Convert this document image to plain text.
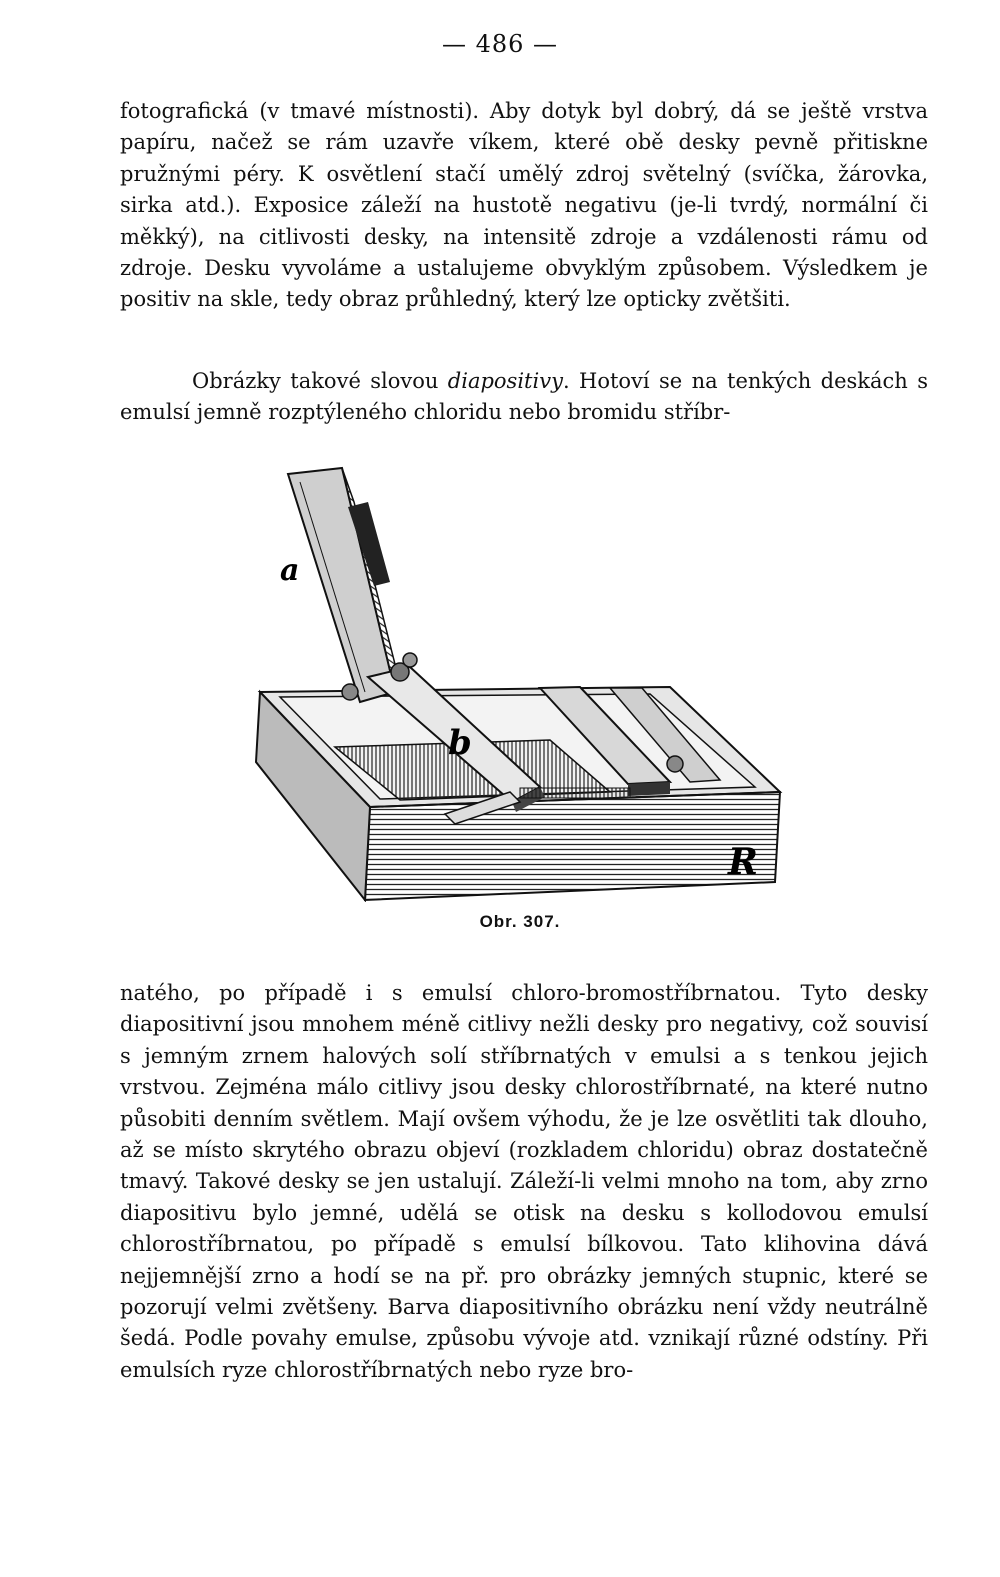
— 486 —

fotografická (v tmavé místnosti). Aby dotyk byl dobrý, dá se ještě vrstva papíru, načež se rám uzavře víkem, které obě desky pevně přitiskne pružnými péry. K osvětlení stačí umělý zdroj světelný (svíčka, žárovka, sirka atd.). Exposice záleží na hustotě negativu (je-li tvrdý, normální či měkký), na citlivosti desky, na intensitě zdroje a vzdálenosti rámu od zdroje. Desku vyvoláme a ustalujeme obvyklým způsobem. Výsledkem je positiv na skle, tedy obraz průhledný, který lze opticky zvětšiti.

Obrázky takové slovou diapositivy. Hotoví se na tenkých deskách s emulsí jemně rozptýleného chloridu nebo bromidu stříbr-

a
b
R
Obr. 307.

natého, po případě i s emulsí chloro-bromostříbrnatou. Tyto desky diapositivní jsou mnohem méně citlivy nežli desky pro negativy, což souvisí s jemným zrnem halových solí stříbrnatých v emulsi a s tenkou jejich vrstvou. Zejména málo citlivy jsou desky chlorostříbrnaté, na které nutno působiti denním světlem. Mají ovšem výhodu, že je lze osvětliti tak dlouho, až se místo skrytého obrazu objeví (rozkladem chloridu) obraz dostatečně tmavý. Takové desky se jen ustalují. Záleží-li velmi mnoho na tom, aby zrno diapositivu bylo jemné, udělá se otisk na desku s kollodovou emulsí chlorostříbrnatou, po případě s emulsí bílkovou. Tato klihovina dává nejjemnější zrno a hodí se na př. pro obrázky jemných stupnic, které se pozorují velmi zvětšeny. Barva diapositivního obrázku není vždy neutrálně šedá. Podle povahy emulse, způsobu vývoje atd. vznikají různé odstíny. Při emulsích ryze chlorostříbrnatých nebo ryze bro-
